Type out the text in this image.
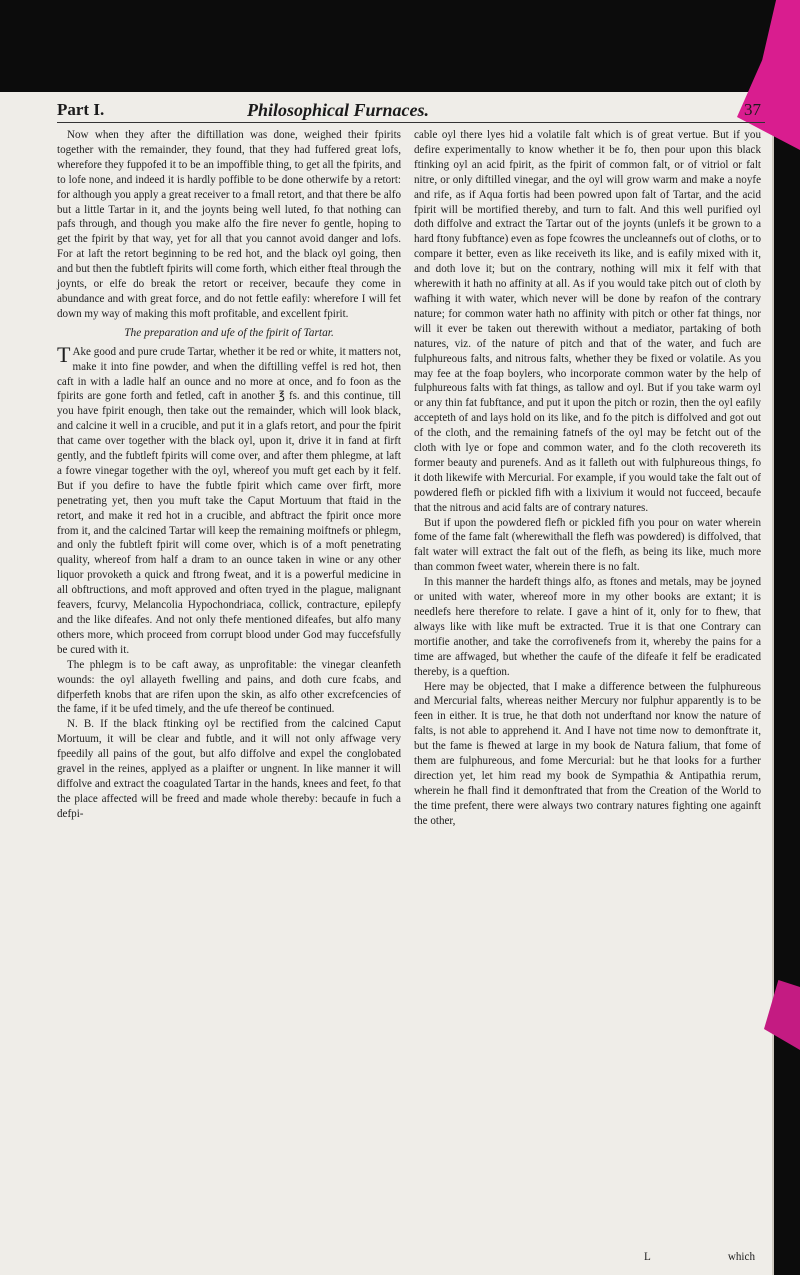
Part I.	Philosophical Furnaces.	37

Now when they after the diftillation was done, weighed their fpirits together with the remainder, they found, that they had fuffered great lofs, wherefore they fuppofed it to be an impoffible thing, to get all the fpirits, and to lofe none, and indeed it is hardly poffible to be done otherwife by a retort: for although you apply a great receiver to a fmall retort, and that there be alfo but a little Tartar in it, and the joynts being well luted, fo that nothing can pafs through, and though you make alfo the fire never fo gentle, hoping to get the fpirit by that way, yet for all that you cannot avoid danger and lofs. For at laft the retort beginning to be red hot, and the black oyl going, then and but then the fubtleft fpirits will come forth, which either fteal through the joynts, or elfe do break the retort or receiver, becaufe they come in abundance and with great force, and do not fettle eafily: wherefore I will fet down my way of making this moft profitable, and excellent fpirit.

The preparation and ufe of the fpirit of Tartar.

TAke good and pure crude Tartar, whether it be red or white, it matters not, make it into fine powder, and when the diftilling veffel is red hot, then caft in with a ladle half an ounce and no more at once, and fo foon as the fpirits are gone forth and fetled, caft in another ℥ fs. and this continue, till you have fpirit enough, then take out the remainder, which will look black, and calcine it well in a crucible, and put it in a glafs retort, and pour the fpirit that came over together with the black oyl, upon it, drive it in fand at firft gently, and the fubtleft fpirits will come over, and after them phlegme, at laft a fowre vinegar together with the oyl, whereof you muft get each by it felf. But if you defire to have the fubtle fpirit which came over firft, more penetrating yet, then you muft take the Caput Mortuum that ftaid in the retort, and make it red hot in a crucible, and abftract the fpirit once more from it, and the calcined Tartar will keep the remaining moiftnefs or phlegm, and only the fubtleft fpirit will come over, which is of a moft penetrating quality, whereof from half a dram to an ounce taken in wine or any other liquor provoketh a quick and ftrong fweat, and it is a powerful medicine in all obftructions, and moft approved and often tryed in the plague, malignant feavers, fcurvy, Melancolia Hypochondriaca, collick, contracture, epilepfy and the like difeafes. And not only thefe mentioned difeafes, but alfo many others more, which proceed from corrupt blood under God may fuccefsfully be cured with it.

The phlegm is to be caft away, as unprofitable: the vinegar cleanfeth wounds: the oyl allayeth fwelling and pains, and doth cure fcabs, and difperfeth knobs that are rifen upon the skin, as alfo other excrefcencies of the fame, if it be ufed timely, and the ufe thereof be continued.

N. B. If the black ftinking oyl be rectified from the calcined Caput Mortuum, it will be clear and fubtle, and it will not only affwage very fpeedily all pains of the gout, but alfo diffolve and expel the conglobated gravel in the reines, applyed as a plaifter or ungnent. In like manner it will diffolve and extract the coagulated Tartar in the hands, knees and feet, fo that the place affected will be freed and made whole thereby: becaufe in fuch a defpi-

cable oyl there lyes hid a volatile falt which is of great vertue. But if you defire experimentally to know whether it be fo, then pour upon this black ftinking oyl an acid fpirit, as the fpirit of common falt, or of vitriol or falt nitre, or only diftilled vinegar, and the oyl will grow warm and make a noyfe and rife, as if Aqua fortis had been powred upon falt of Tartar, and the acid fpirit will be mortified thereby, and turn to falt. And this well purified oyl doth diffolve and extract the Tartar out of the joynts (unlefs it be grown to a hard ftony fubftance) even as fope fcowres the uncleannefs out of cloths, or to compare it better, even as like receiveth its like, and is eafily mixed with it, and doth love it; but on the contrary, nothing will mix it felf with that wherewith it hath no affinity at all. As if you would take pitch out of cloth by wafhing it with water, which never will be done by reafon of the contrary nature; for common water hath no affinity with pitch or other fat things, nor will it ever be taken out therewith without a mediator, partaking of both natures, viz. of the nature of pitch and that of the water, and fuch are fulphureous falts, and nitrous falts, whether they be fixed or volatile. As you may fee at the foap boylers, who incorporate common water by the help of fulphureous falts with fat things, as tallow and oyl. But if you take warm oyl or any thin fat fubftance, and put it upon the pitch or rozin, then the oyl eafily accepteth of and lays hold on its like, and fo the pitch is diffolved and got out of the cloth, and the remaining fatnefs of the oyl may be fetcht out of the cloth with lye or fope and common water, and fo the cloth recovereth its former beauty and purenefs. And as it falleth out with fulphureous things, fo it doth likewife with Mercurial. For example, if you would take the falt out of powdered flefh or pickled fifh with a lixivium it would not fucceed, becaufe that the nitrous and acid falts are of contrary natures.

But if upon the powdered flefh or pickled fifh you pour on water wherein fome of the fame falt (wherewithall the flefh was powdered) is diffolved, that falt water will extract the falt out of the flefh, as being its like, much more than common fweet water, wherein there is no falt.

In this manner the hardeft things alfo, as ftones and metals, may be joyned or united with water, whereof more in my other books are extant; it is needlefs here therefore to relate. I gave a hint of it, only for to fhew, that always like with like muft be extracted. True it is that one Contrary can mortifie another, and take the corrofivenefs from it, whereby the pains for a time are affwaged, but whether the caufe of the difeafe it felf be eradicated thereby, is a queftion.

Here may be objected, that I make a difference between the fulphureous and Mercurial falts, whereas neither Mercury nor fulphur apparently is to be feen in either. It is true, he that doth not underftand nor know the nature of falts, is not able to apprehend it. And I have not time now to demonftrate it, but the fame is fhewed at large in my book de Natura falium, that fome of them are fulphureous, and fome Mercurial: but he that looks for a further direction yet, let him read my book de Sympathia & Antipathia rerum, wherein he fhall find it demonftrated that from the Creation of the World to the time prefent, there were always two contrary natures fighting one againft the other,

L	which
